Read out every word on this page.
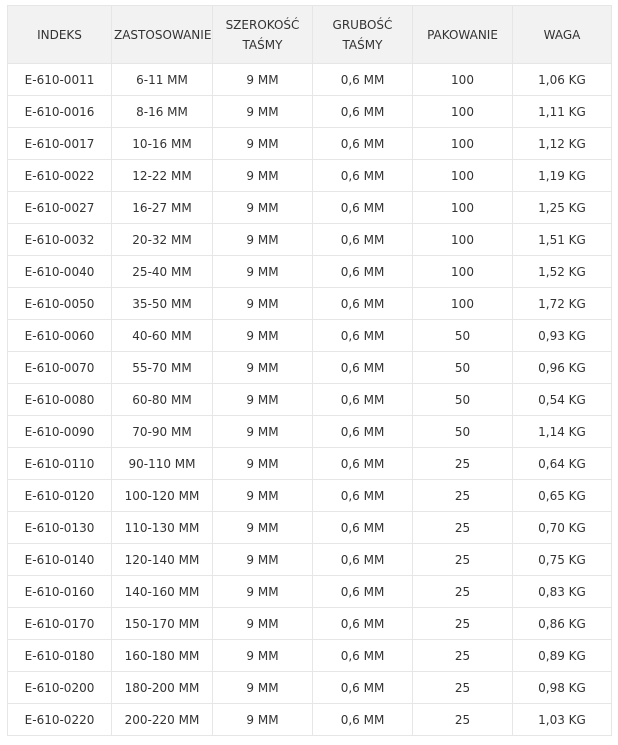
INDEKS	ZASTOSOWANIE	SZEROKOŚĆ TAŚMY	GRUBOŚĆ TAŚMY	PAKOWANIE	WAGA
E-610-0011	6-11 MM	9 MM	0,6 MM	100	1,06 KG
E-610-0016	8-16 MM	9 MM	0,6 MM	100	1,11 KG
E-610-0017	10-16 MM	9 MM	0,6 MM	100	1,12 KG
E-610-0022	12-22 MM	9 MM	0,6 MM	100	1,19 KG
E-610-0027	16-27 MM	9 MM	0,6 MM	100	1,25 KG
E-610-0032	20-32 MM	9 MM	0,6 MM	100	1,51 KG
E-610-0040	25-40 MM	9 MM	0,6 MM	100	1,52 KG
E-610-0050	35-50 MM	9 MM	0,6 MM	100	1,72 KG
E-610-0060	40-60 MM	9 MM	0,6 MM	50	0,93 KG
E-610-0070	55-70 MM	9 MM	0,6 MM	50	0,96 KG
E-610-0080	60-80 MM	9 MM	0,6 MM	50	0,54 KG
E-610-0090	70-90 MM	9 MM	0,6 MM	50	1,14 KG
E-610-0110	90-110 MM	9 MM	0,6 MM	25	0,64 KG
E-610-0120	100-120 MM	9 MM	0,6 MM	25	0,65 KG
E-610-0130	110-130 MM	9 MM	0,6 MM	25	0,70 KG
E-610-0140	120-140 MM	9 MM	0,6 MM	25	0,75 KG
E-610-0160	140-160 MM	9 MM	0,6 MM	25	0,83 KG
E-610-0170	150-170 MM	9 MM	0,6 MM	25	0,86 KG
E-610-0180	160-180 MM	9 MM	0,6 MM	25	0,89 KG
E-610-0200	180-200 MM	9 MM	0,6 MM	25	0,98 KG
E-610-0220	200-220 MM	9 MM	0,6 MM	25	1,03 KG
